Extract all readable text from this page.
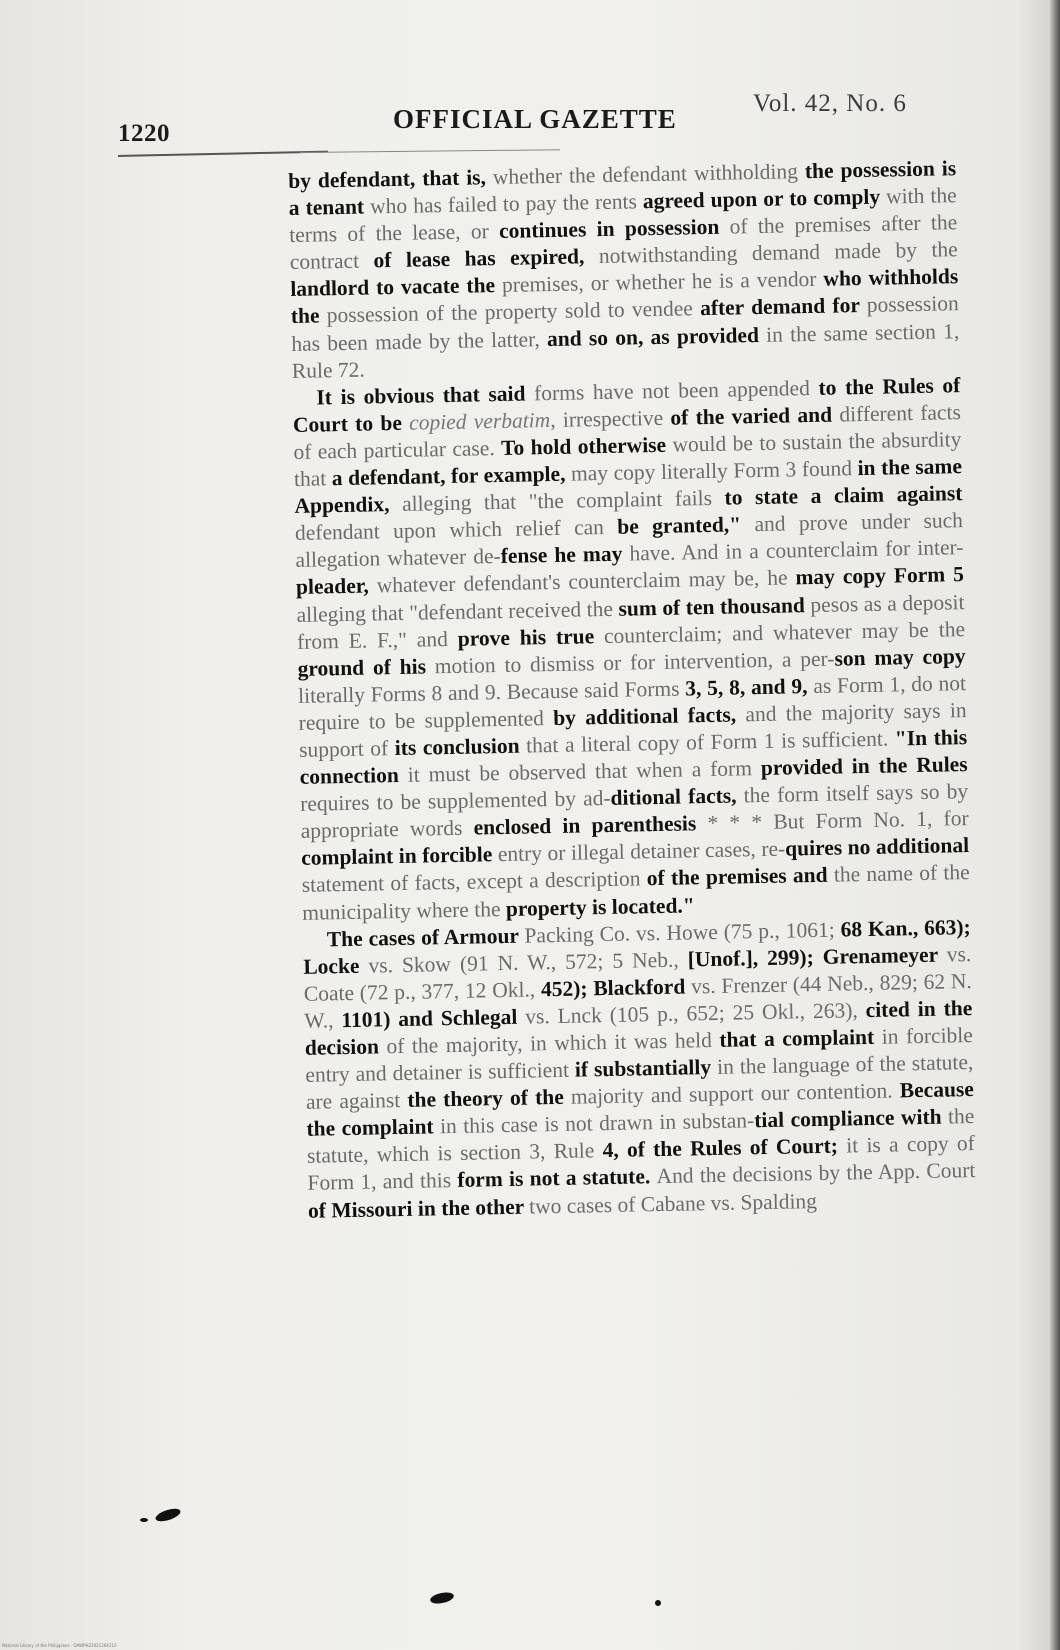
1220	OFFICIAL GAZETTE
Vol. 42, No. 6

by defendant, that is, whether the defendant withholding the possession is a tenant who has failed to pay the rents agreed upon or to comply with the terms of the lease, or continues in possession of the premises after the contract of lease has expired, notwithstanding demand made by the landlord to vacate the premises, or whether he is a vendor who withholds the possession of the property sold to vendee after demand for possession has been made by the latter, and so on, as provided in the same section 1, Rule 72.

It is obvious that said forms have not been appended to the Rules of Court to be copied verbatim, irrespective of the varied and different facts of each particular case. To hold otherwise would be to sustain the absurdity that a defendant, for example, may copy literally Form 3 found in the same Appendix, alleging that "the complaint fails to state a claim against defendant upon which relief can be granted," and prove under such allegation whatever de-fense he may have. And in a counterclaim for inter-pleader, whatever defendant's counterclaim may be, he may copy Form 5 alleging that "defendant received the sum of ten thousand pesos as a deposit from E. F.," and prove his true counterclaim; and whatever may be the ground of his motion to dismiss or for intervention, a per-son may copy literally Forms 8 and 9. Because said Forms 3, 5, 8, and 9, as Form 1, do not require to be supplemented by additional facts, and the majority says in support of its conclusion that a literal copy of Form 1 is sufficient. "In this connection it must be observed that when a form provided in the Rules requires to be supplemented by ad-ditional facts, the form itself says so by appropriate words enclosed in parenthesis * * * But Form No. 1, for complaint in forcible entry or illegal detainer cases, re-quires no additional statement of facts, except a description of the premises and the name of the municipality where the property is located."

The cases of Armour Packing Co. vs. Howe (75 p., 1061; 68 Kan., 663); Locke vs. Skow (91 N. W., 572; 5 Neb., [Unof.], 299); Grenameyer vs. Coate (72 p., 377, 12 Okl., 452); Blackford vs. Frenzer (44 Neb., 829; 62 N. W., 1101) and Schlegal vs. Lnck (105 p., 652; 25 Okl., 263), cited in the decision of the majority, in which it was held that a complaint in forcible entry and detainer is sufficient if substantially in the language of the statute, are against the theory of the majority and support our contention. Because the complaint in this case is not drawn in substan-tial compliance with the statute, which is section 3, Rule 4, of the Rules of Court; it is a copy of Form 1, and this form is not a statute. And the decisions by the App. Court of Missouri in the other two cases of Cabane vs. Spalding

National Library of the Philippines · OAWPH22021264210
